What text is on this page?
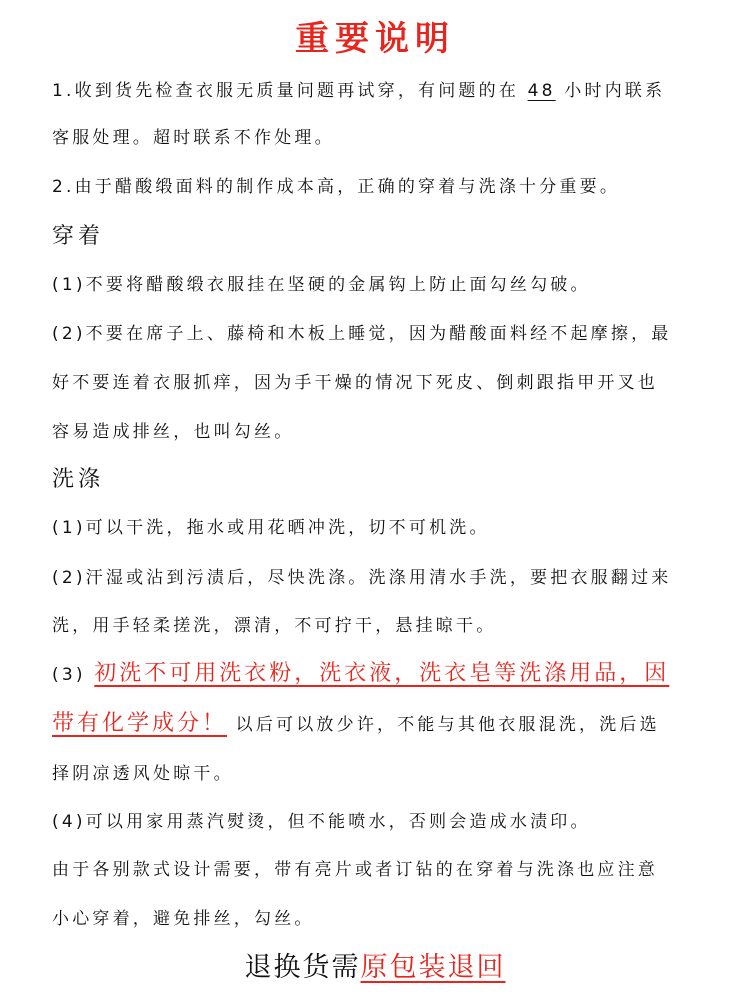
重要说明
1.收到货先检查衣服无质量问题再试穿，有问题的在 48 小时内联系
客服处理。超时联系不作处理。
2.由于醋酸缎面料的制作成本高，正确的穿着与洗涤十分重要。
穿着
(1)不要将醋酸缎衣服挂在坚硬的金属钩上防止面勾丝勾破。
(2)不要在席子上、藤椅和木板上睡觉，因为醋酸面料经不起摩擦，最
好不要连着衣服抓痒，因为手干燥的情况下死皮、倒刺跟指甲开叉也
容易造成排丝，也叫勾丝。
洗涤
(1)可以干洗，拖水或用花晒冲洗，切不可机洗。
(2)汗湿或沾到污渍后，尽快洗涤。洗涤用清水手洗，要把衣服翻过来
洗，用手轻柔搓洗，漂清，不可拧干，悬挂晾干。
(3) 初洗不可用洗衣粉，洗衣液，洗衣皂等洗涤用品，因
带有化学成分！ 以后可以放少许，不能与其他衣服混洗，洗后选
择阴凉透风处晾干。
(4)可以用家用蒸汽熨烫，但不能喷水，否则会造成水渍印。
由于各别款式设计需要，带有亮片或者订钻的在穿着与洗涤也应注意
小心穿着，避免排丝，勾丝。
退换货需原包装退回
